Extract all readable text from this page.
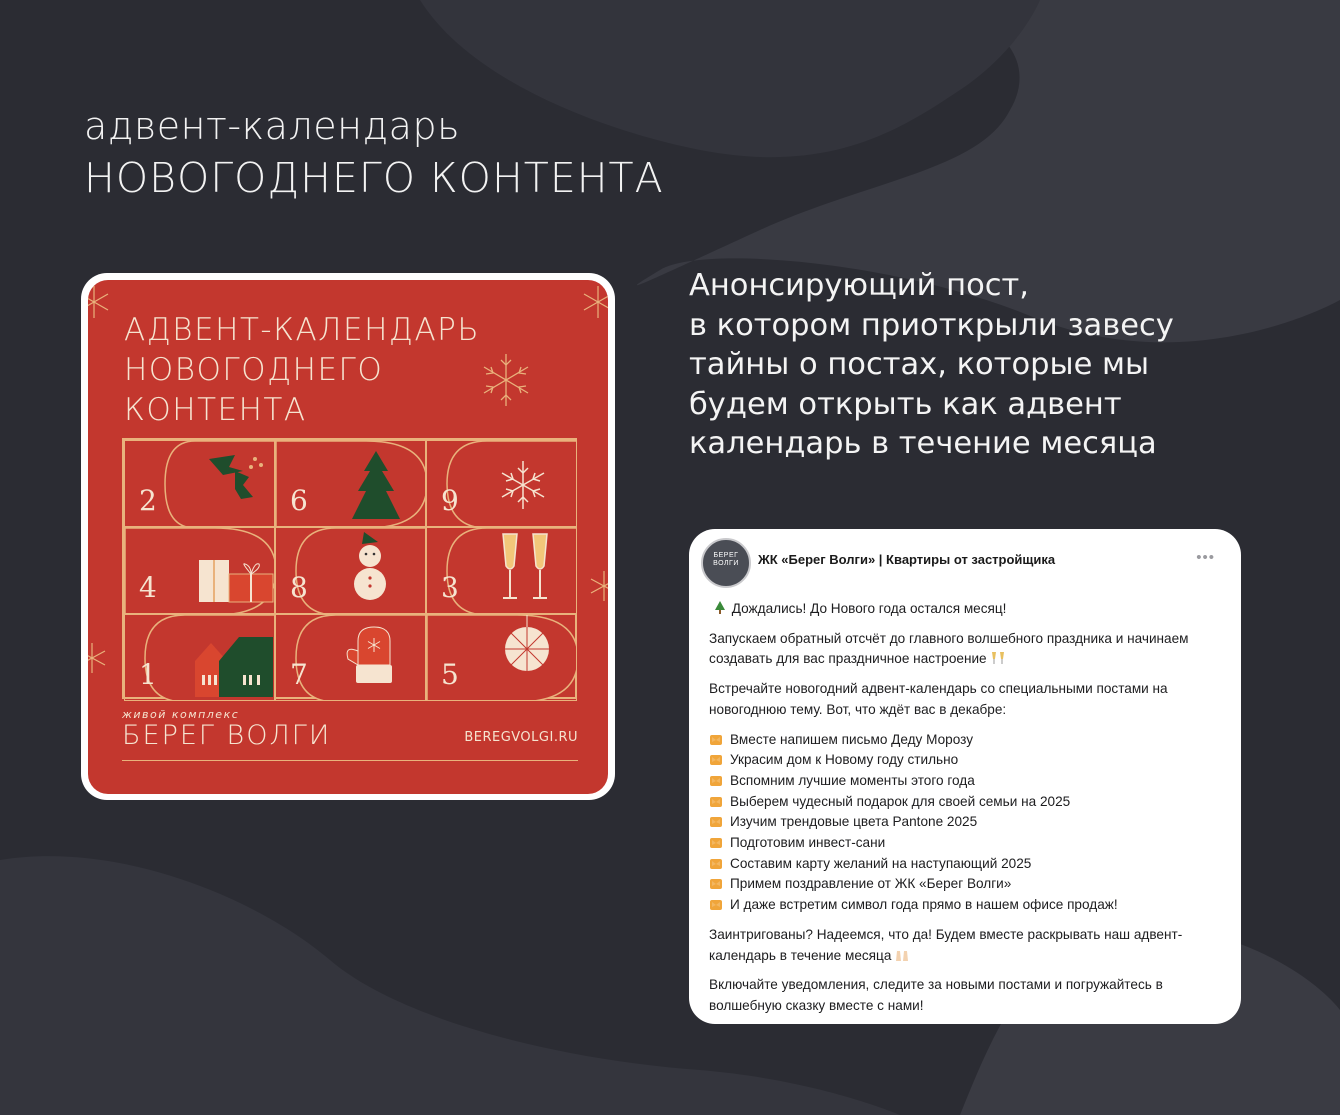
адвент-календарь
НОВОГОДНЕГО КОНТЕНТА
Анонсирующий пост,
в котором приоткрыли завесу
тайны о постах, которые мы
будем открыть как адвент
календарь в течение месяца
АДВЕНТ-КАЛЕНДАРЬ
НОВОГОДНЕГО
КОНТЕНТА
2	6	9
4	8	3
1	7	5
живой комплекс
БЕРЕГ ВОЛГИ	BEREGVOLGI.RU
БЕРЕГ ВОЛГИ	ЖК «Берег Волги» | Квартиры от застройщика	•••

Дождались! До Нового года остался месяц!

Запускаем обратный отсчёт до главного волшебного праздника и начинаем создавать для вас праздничное настроение

Встречайте новогодний адвент-календарь со специальными постами на новогоднюю тему. Вот, что ждёт вас в декабре:

Вместе напишем письмо Деду Морозу
Украсим дом к Новому году стильно
Вспомним лучшие моменты этого года
Выберем чудесный подарок для своей семьи на 2025
Изучим трендовые цвета Pantone 2025
Подготовим инвест-сани
Составим карту желаний на наступающий 2025
Примем поздравление от ЖК «Берег Волги»
И даже встретим символ года прямо в нашем офисе продаж!

Заинтригованы? Надеемся, что да! Будем вместе раскрывать наш адвент-календарь в течение месяца

Включайте уведомления, следите за новыми постами и погружайтесь в волшебную сказку вместе с нами!
